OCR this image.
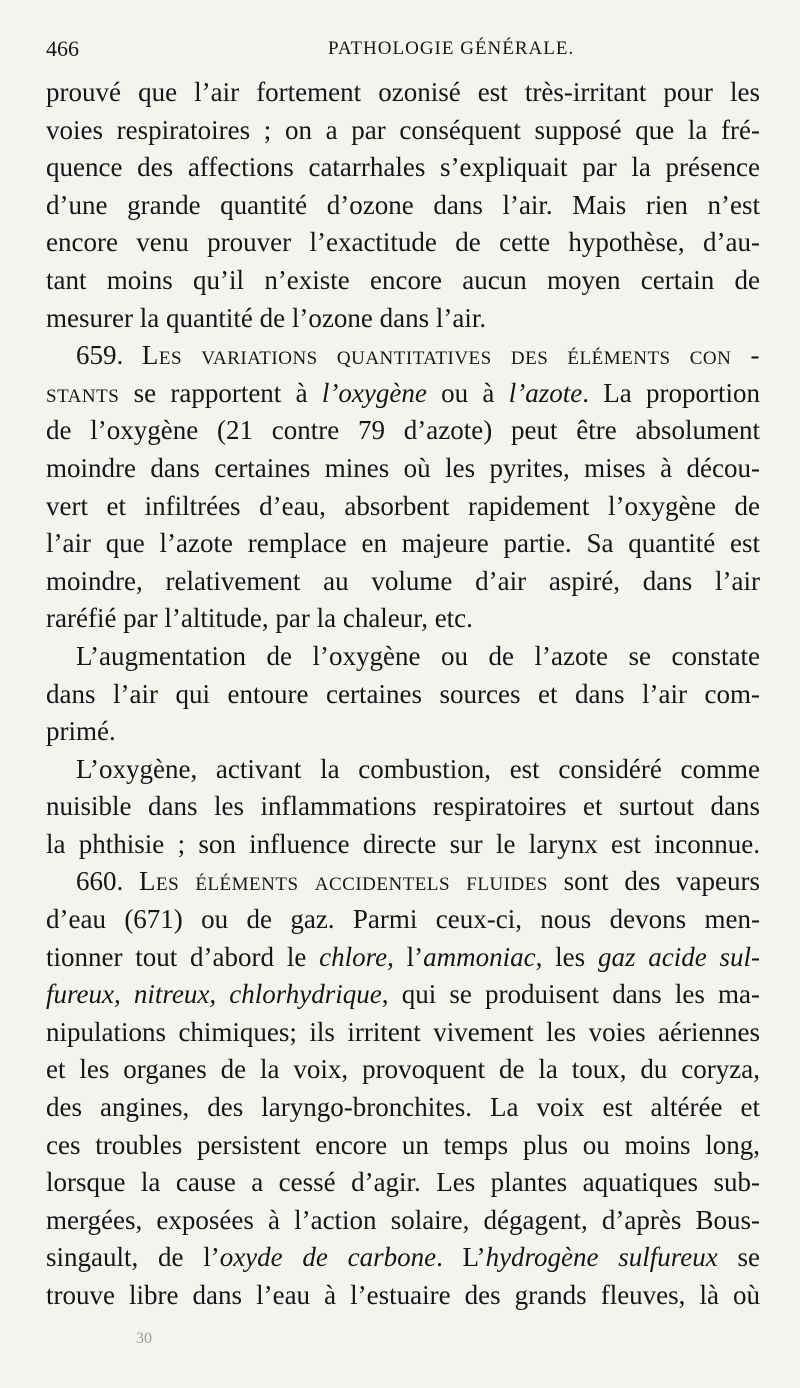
466	PATHOLOGIE GÉNÉRALE.
prouvé que l’air fortement ozonisé est très-irritant pour les
voies respiratoires ; on a par conséquent supposé que la fré-
quence des affections catarrhales s’expliquait par la présence
d’une grande quantité d’ozone dans l’air. Mais rien n’est
encore venu prouver l’exactitude de cette hypothèse, d’au-
tant moins qu’il n’existe encore aucun moyen certain de
mesurer la quantité de l’ozone dans l’air.
659. Les variations quantitatives des éléments con -
stants se rapportent à l’oxygène ou à l’azote. La proportion
de l’oxygène (21 contre 79 d’azote) peut être absolument
moindre dans certaines mines où les pyrites, mises à décou-
vert et infiltrées d’eau, absorbent rapidement l’oxygène de
l’air que l’azote remplace en majeure partie. Sa quantité est
moindre, relativement au volume d’air aspiré, dans l’air
raréfié par l’altitude, par la chaleur, etc.
L’augmentation de l’oxygène ou de l’azote se constate
dans l’air qui entoure certaines sources et dans l’air com-
primé.
L’oxygène, activant la combustion, est considéré comme
nuisible dans les inflammations respiratoires et surtout dans
la phthisie ; son influence directe sur le larynx est inconnue.
660. Les éléments accidentels fluides sont des vapeurs
d’eau (671) ou de gaz. Parmi ceux-ci, nous devons men-
tionner tout d’abord le chlore, l’ammoniac, les gaz acide sul-
fureux, nitreux, chlorhydrique, qui se produisent dans les ma-
nipulations chimiques; ils irritent vivement les voies aériennes
et les organes de la voix, provoquent de la toux, du coryza,
des angines, des laryngo-bronchites. La voix est altérée et
ces troubles persistent encore un temps plus ou moins long,
lorsque la cause a cessé d’agir. Les plantes aquatiques sub-
mergées, exposées à l’action solaire, dégagent, d’après Bous-
singault, de l’oxyde de carbone. L’hydrogène sulfureux se
trouve libre dans l’eau à l’estuaire des grands fleuves, là où
30
